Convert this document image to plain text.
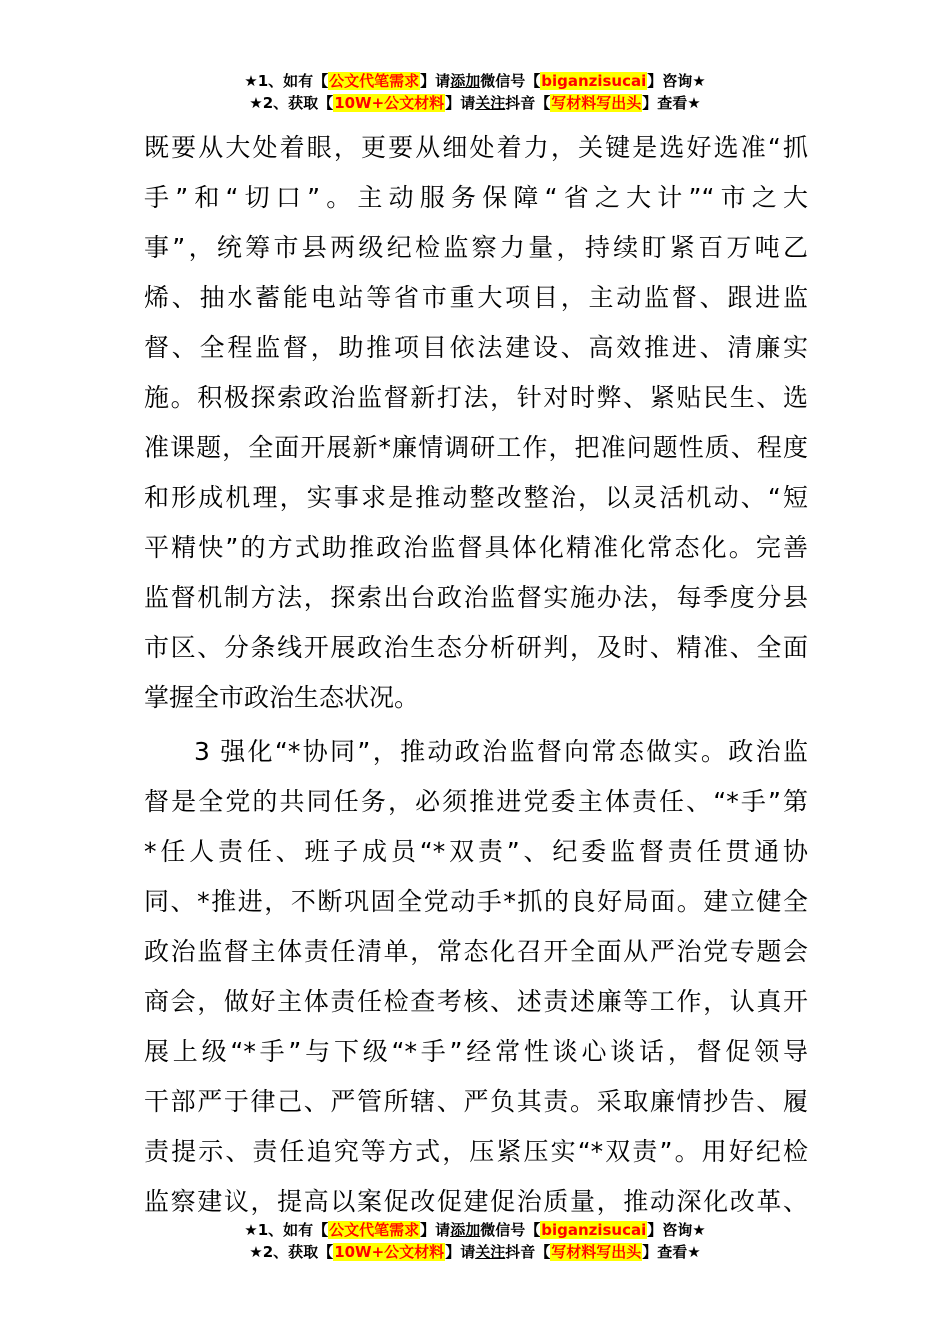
★1、如有【公文代笔需求】请添加微信号【biganzisucai】咨询★
★2、获取【10W+公文材料】请关注抖音【写材料写出头】查看★
既要从大处着眼，更要从细处着力，关键是选好选准“抓
手”和“切口”。主动服务保障“省之大计”“市之大
事”，统筹市县两级纪检监察力量，持续盯紧百万吨乙
烯、抽水蓄能电站等省市重大项目，主动监督、跟进监
督、全程监督，助推项目依法建设、高效推进、清廉实
施。积极探索政治监督新打法，针对时弊、紧贴民生、选
准课题，全面开展新*廉情调研工作，把准问题性质、程度
和形成机理，实事求是推动整改整治，以灵活机动、“短
平精快”的方式助推政治监督具体化精准化常态化。完善
监督机制方法，探索出台政治监督实施办法，每季度分县
市区、分条线开展政治生态分析研判，及时、精准、全面
掌握全市政治生态状况。
3 强化“*协同”，推动政治监督向常态做实。政治监
督是全党的共同任务，必须推进党委主体责任、“*手”第
*任人责任、班子成员“*双责”、纪委监督责任贯通协
同、*推进，不断巩固全党动手*抓的良好局面。建立健全
政治监督主体责任清单，常态化召开全面从严治党专题会
商会，做好主体责任检查考核、述责述廉等工作，认真开
展上级“*手”与下级“*手”经常性谈心谈话，督促领导
干部严于律己、严管所辖、严负其责。采取廉情抄告、履
责提示、责任追究等方式，压紧压实“*双责”。用好纪检
监察建议，提高以案促改促建促治质量，推动深化改革、
★1、如有【公文代笔需求】请添加微信号【biganzisucai】咨询★
★2、获取【10W+公文材料】请关注抖音【写材料写出头】查看★
